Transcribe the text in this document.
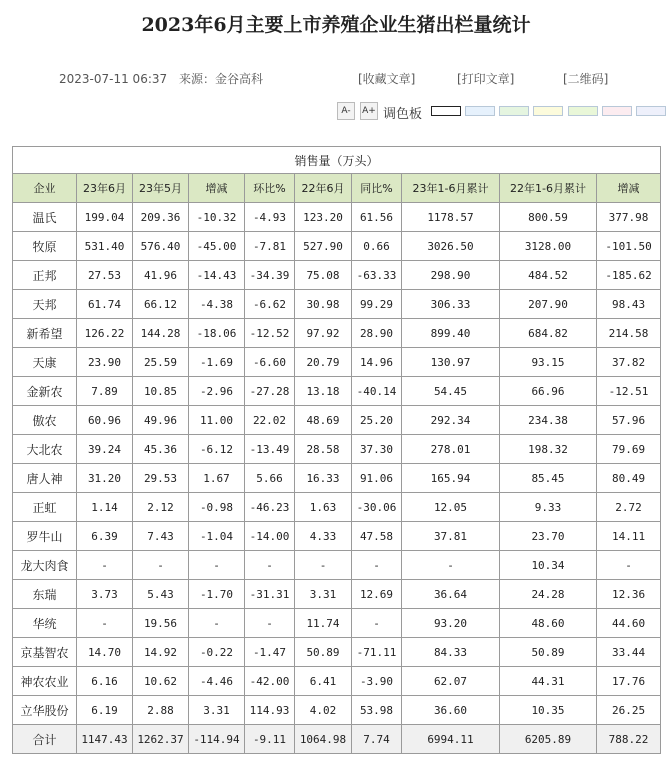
2023年6月主要上市养殖企业生猪出栏量统计
2023-07-11 06:37 来源：金谷高科	[收藏文章]	[打印文章]	[二维码]
A-	A+ 调色板
销售量（万头）									
企业	23年6月	23年5月	增减	环比%	22年6月	同比%	23年1-6月累计	22年1-6月累计	增减
温氏	199.04	209.36	-10.32	-4.93	123.20	61.56	1178.57	800.59	377.98
牧原	531.40	576.40	-45.00	-7.81	527.90	0.66	3026.50	3128.00	-101.50
正邦	27.53	41.96	-14.43	-34.39	75.08	-63.33	298.90	484.52	-185.62
天邦	61.74	66.12	-4.38	-6.62	30.98	99.29	306.33	207.90	98.43
新希望	126.22	144.28	-18.06	-12.52	97.92	28.90	899.40	684.82	214.58
天康	23.90	25.59	-1.69	-6.60	20.79	14.96	130.97	93.15	37.82
金新农	7.89	10.85	-2.96	-27.28	13.18	-40.14	54.45	66.96	-12.51
傲农	60.96	49.96	11.00	22.02	48.69	25.20	292.34	234.38	57.96
大北农	39.24	45.36	-6.12	-13.49	28.58	37.30	278.01	198.32	79.69
唐人神	31.20	29.53	1.67	5.66	16.33	91.06	165.94	85.45	80.49
正虹	1.14	2.12	-0.98	-46.23	1.63	-30.06	12.05	9.33	2.72
罗牛山	6.39	7.43	-1.04	-14.00	4.33	47.58	37.81	23.70	14.11
龙大肉食	-	-	-	-	-	-	-	10.34	-
东瑞	3.73	5.43	-1.70	-31.31	3.31	12.69	36.64	24.28	12.36
华统	-	19.56	-	-	11.74	-	93.20	48.60	44.60
京基智农	14.70	14.92	-0.22	-1.47	50.89	-71.11	84.33	50.89	33.44
神农农业	6.16	10.62	-4.46	-42.00	6.41	-3.90	62.07	44.31	17.76
立华股份	6.19	2.88	3.31	114.93	4.02	53.98	36.60	10.35	26.25
合计	1147.43	1262.37	-114.94	-9.11	1064.98	7.74	6994.11	6205.89	788.22
